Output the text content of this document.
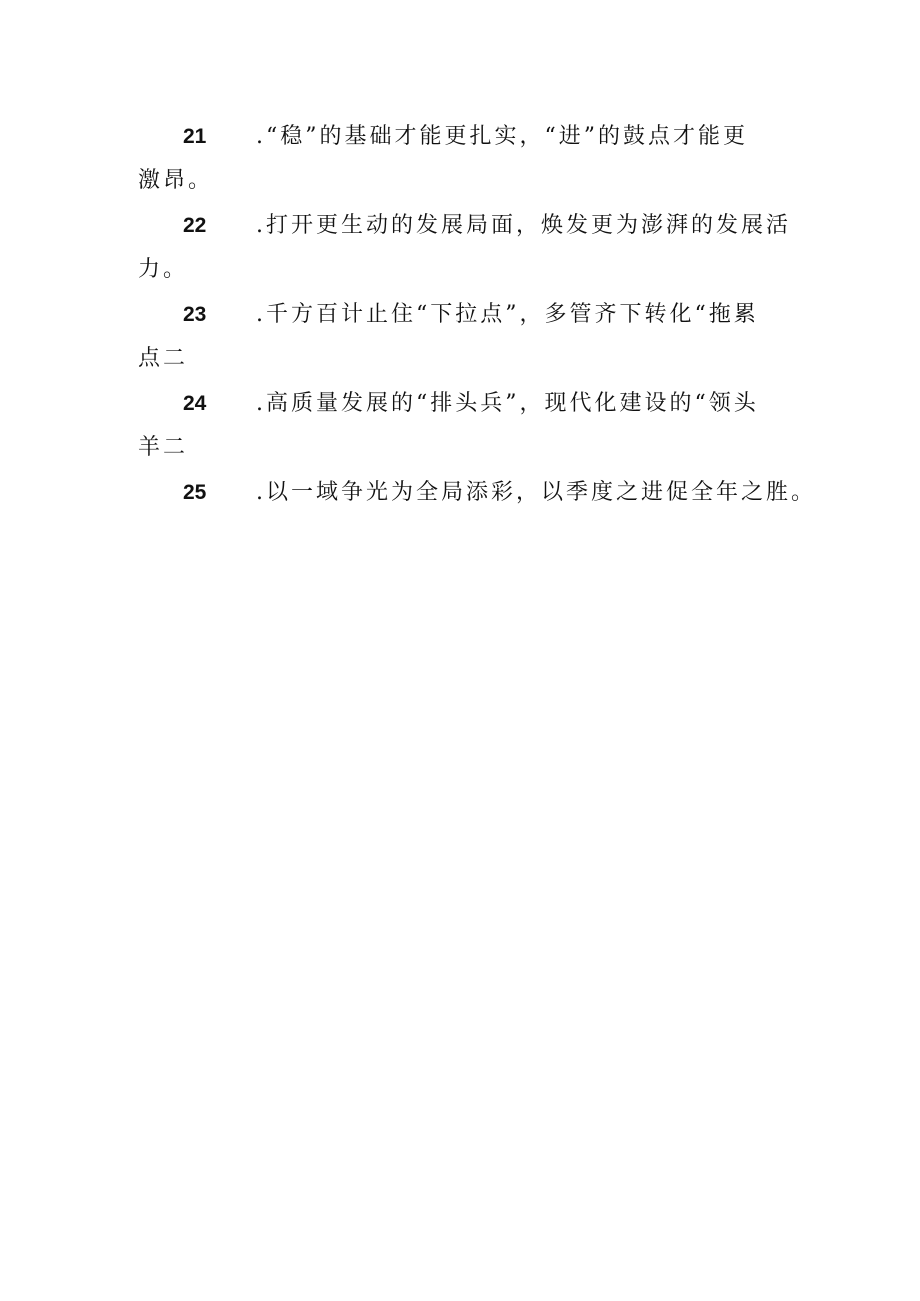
21	.“稳”的基础才能更扎实，“进”的鼓点才能更
激昂。
22	.打开更生动的发展局面，焕发更为澎湃的发展活
力。
23	.千方百计止住“下拉点”，多管齐下转化“拖累
点二
24	.高质量发展的“排头兵”，现代化建设的“领头
羊二
25	.以一域争光为全局添彩，以季度之进促全年之胜。
